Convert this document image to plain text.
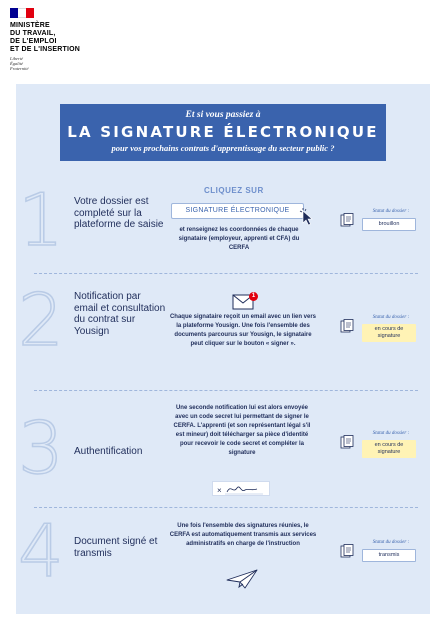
MINISTÈRE
DU TRAVAIL,
DE L'EMPLOI
ET DE L'INSERTION
Liberté
Égalité
Fraternité
Et si vous passiez à
LA SIGNATURE ÉLECTRONIQUE
pour vos prochains contrats d'apprentissage du secteur public ?
1 Votre dossier est completé sur la plateforme de saisie
CLIQUEZ SUR
SIGNATURE ÉLECTRONIQUE
et renseignez les coordonnées de chaque signataire (employeur, apprenti et CFA) du CERFA
Statut du dossier :
brouillon
2 Notification par email et consultation du contrat sur Yousign
1
Chaque signataire reçoit un email avec un lien vers la plateforme Yousign. Une fois l'ensemble des documents parcourus sur Yousign, le signataire peut cliquer sur le bouton « signer ».
Statut du dossier :
en cours de signature
3 Authentification
Une seconde notification lui est alors envoyée avec un code secret lui permettant de signer le CERFA. L'apprenti (et son représentant légal s'il est mineur) doit télécharger sa pièce d'identité pour recevoir le code secret et compléter la signature
×
Statut du dossier :
en cours de signature
4 Document signé et transmis
Une fois l'ensemble des signatures réunies, le CERFA est automatiquement transmis aux services administratifs en charge de l'instruction	Statut du dossier :
transmis
